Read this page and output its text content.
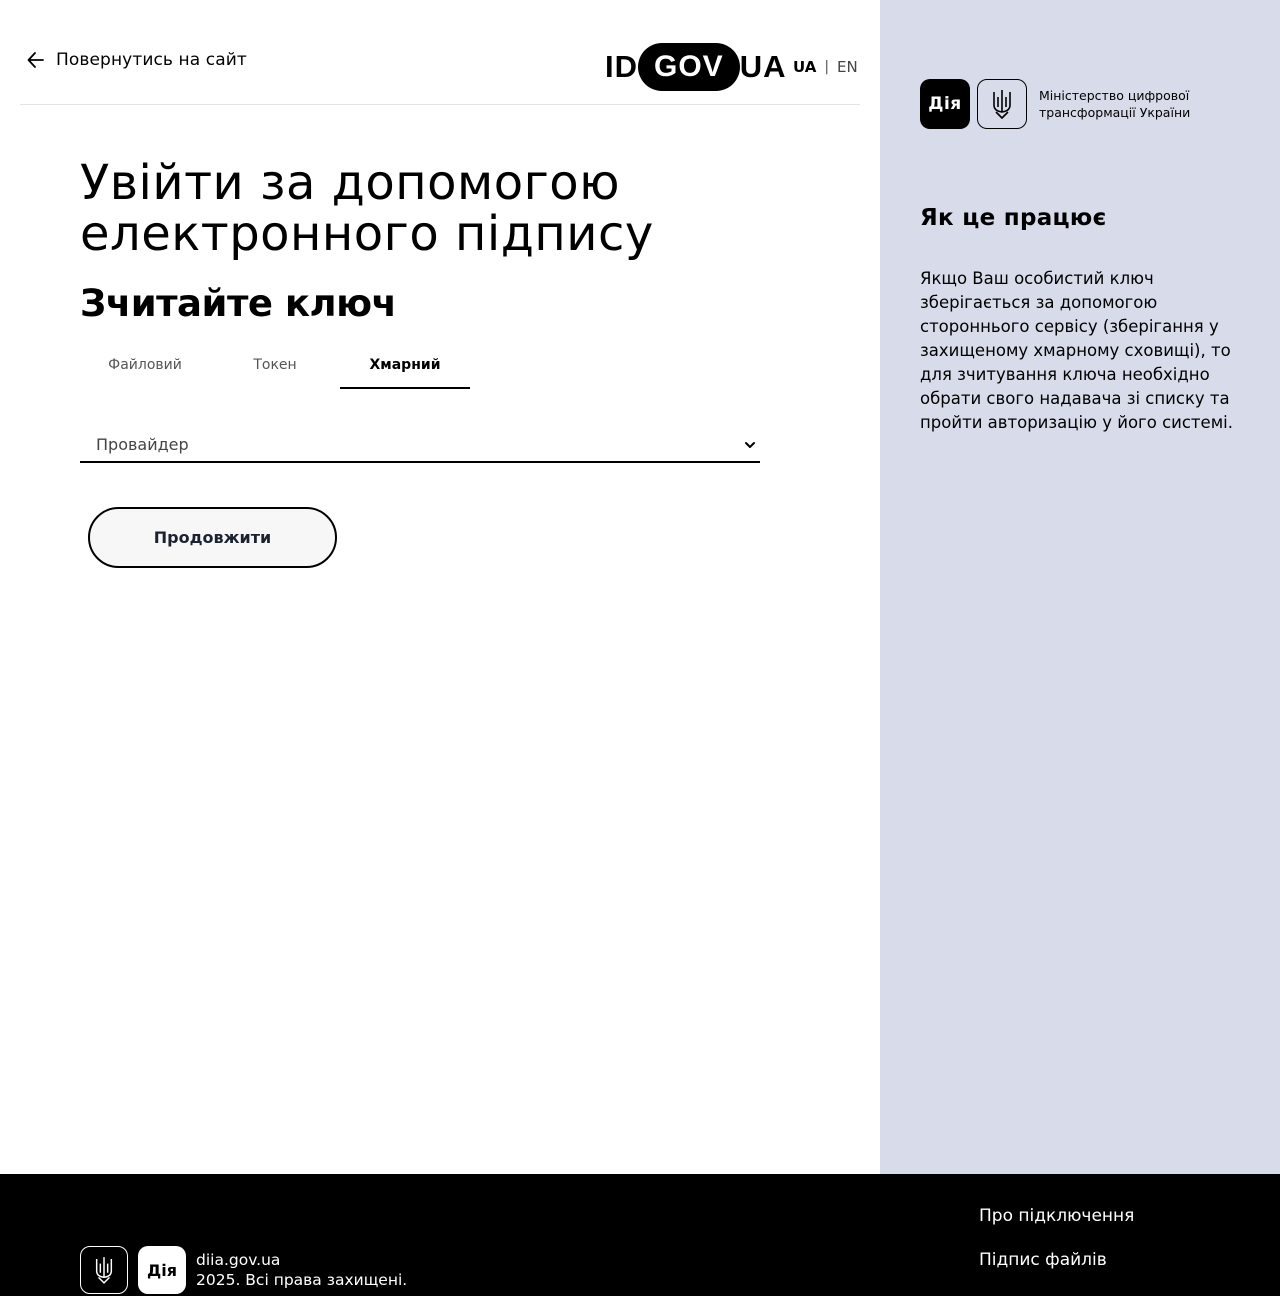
Повернутись на сайт	ID GOV UA UA | EN
Увійти за допомогою електронного підпису
Зчитайте ключ
Файловий	Токен	Хмарний
Провайдер
Продовжити
Дія	Міністерство цифрової трансформації України
Як це працює

Якщо Ваш особистий ключ зберігається за допомогою стороннього сервісу (зберігання у захищеному хмарному сховищі), то для зчитування ключа необхідно обрати свого надавача зі списку та пройти авторизацію у його системі.

Дія
diia.gov.ua
2025. Всі права захищені.
Про підключення
Підпис файлів
